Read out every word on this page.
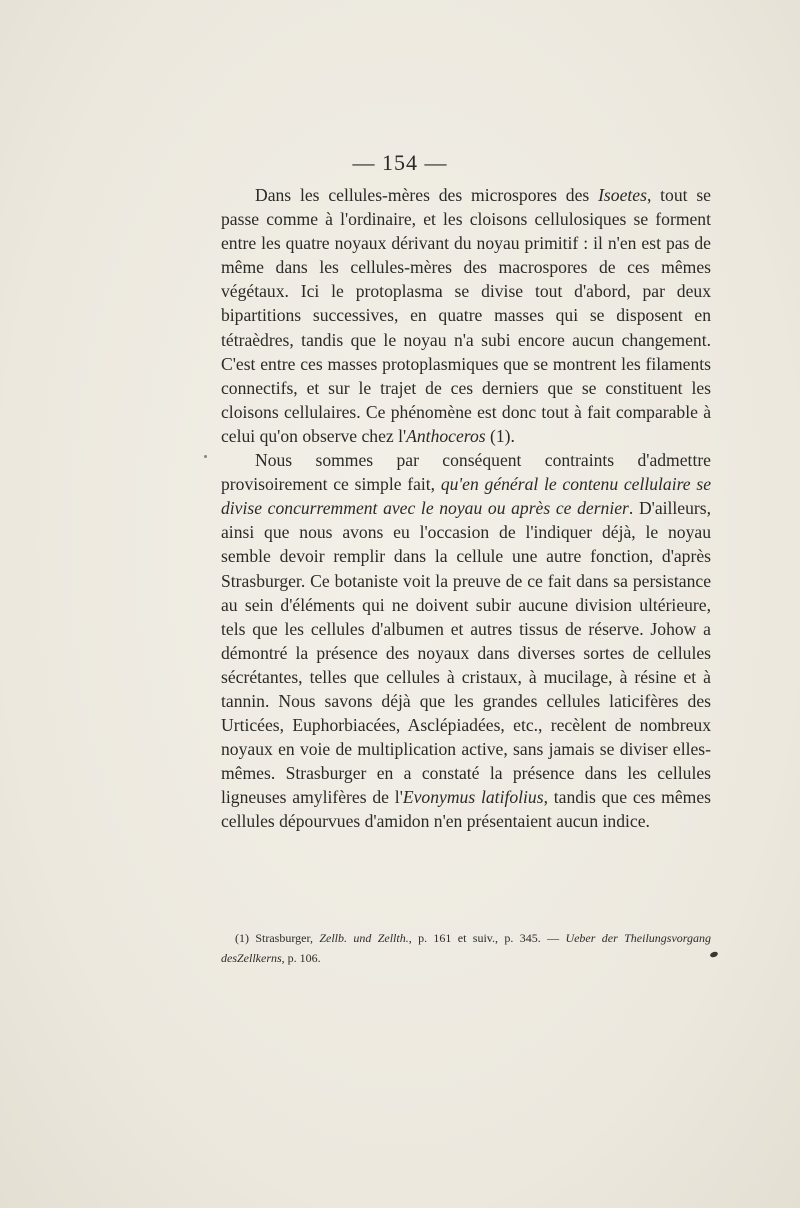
— 154 —

Dans les cellules-mères des microspores des Isoetes, tout se passe comme à l'ordinaire, et les cloisons cellulosiques se forment entre les quatre noyaux dérivant du noyau primitif : il n'en est pas de même dans les cellules-mères des macrospores de ces mêmes végétaux. Ici le protoplasma se divise tout d'abord, par deux bipartitions successives, en quatre masses qui se disposent en tétraèdres, tandis que le noyau n'a subi encore aucun changement. C'est entre ces masses protoplasmiques que se montrent les filaments connectifs, et sur le trajet de ces derniers que se constituent les cloisons cellulaires. Ce phénomène est donc tout à fait comparable à celui qu'on observe chez l'Anthoceros (1).

Nous sommes par conséquent contraints d'admettre provisoirement ce simple fait, qu'en général le contenu cellulaire se divise concurremment avec le noyau ou après ce dernier. D'ailleurs, ainsi que nous avons eu l'occasion de l'indiquer déjà, le noyau semble devoir remplir dans la cellule une autre fonction, d'après Strasburger. Ce botaniste voit la preuve de ce fait dans sa persistance au sein d'éléments qui ne doivent subir aucune division ultérieure, tels que les cellules d'albumen et autres tissus de réserve. Johow a démontré la présence des noyaux dans diverses sortes de cellules sécrétantes, telles que cellules à cristaux, à mucilage, à résine et à tannin. Nous savons déjà que les grandes cellules laticifères des Urticées, Euphorbiacées, Asclépiadées, etc., recèlent de nombreux noyaux en voie de multiplication active, sans jamais se diviser elles-mêmes. Strasburger en a constaté la présence dans les cellules ligneuses amylifères de l'Evonymus latifolius, tandis que ces mêmes cellules dépourvues d'amidon n'en présentaient aucun indice.

(1) Strasburger, Zellb. und Zellth., p. 161 et suiv., p. 345. — Ueber der Theilungsvorgang desZellkerns, p. 106.
